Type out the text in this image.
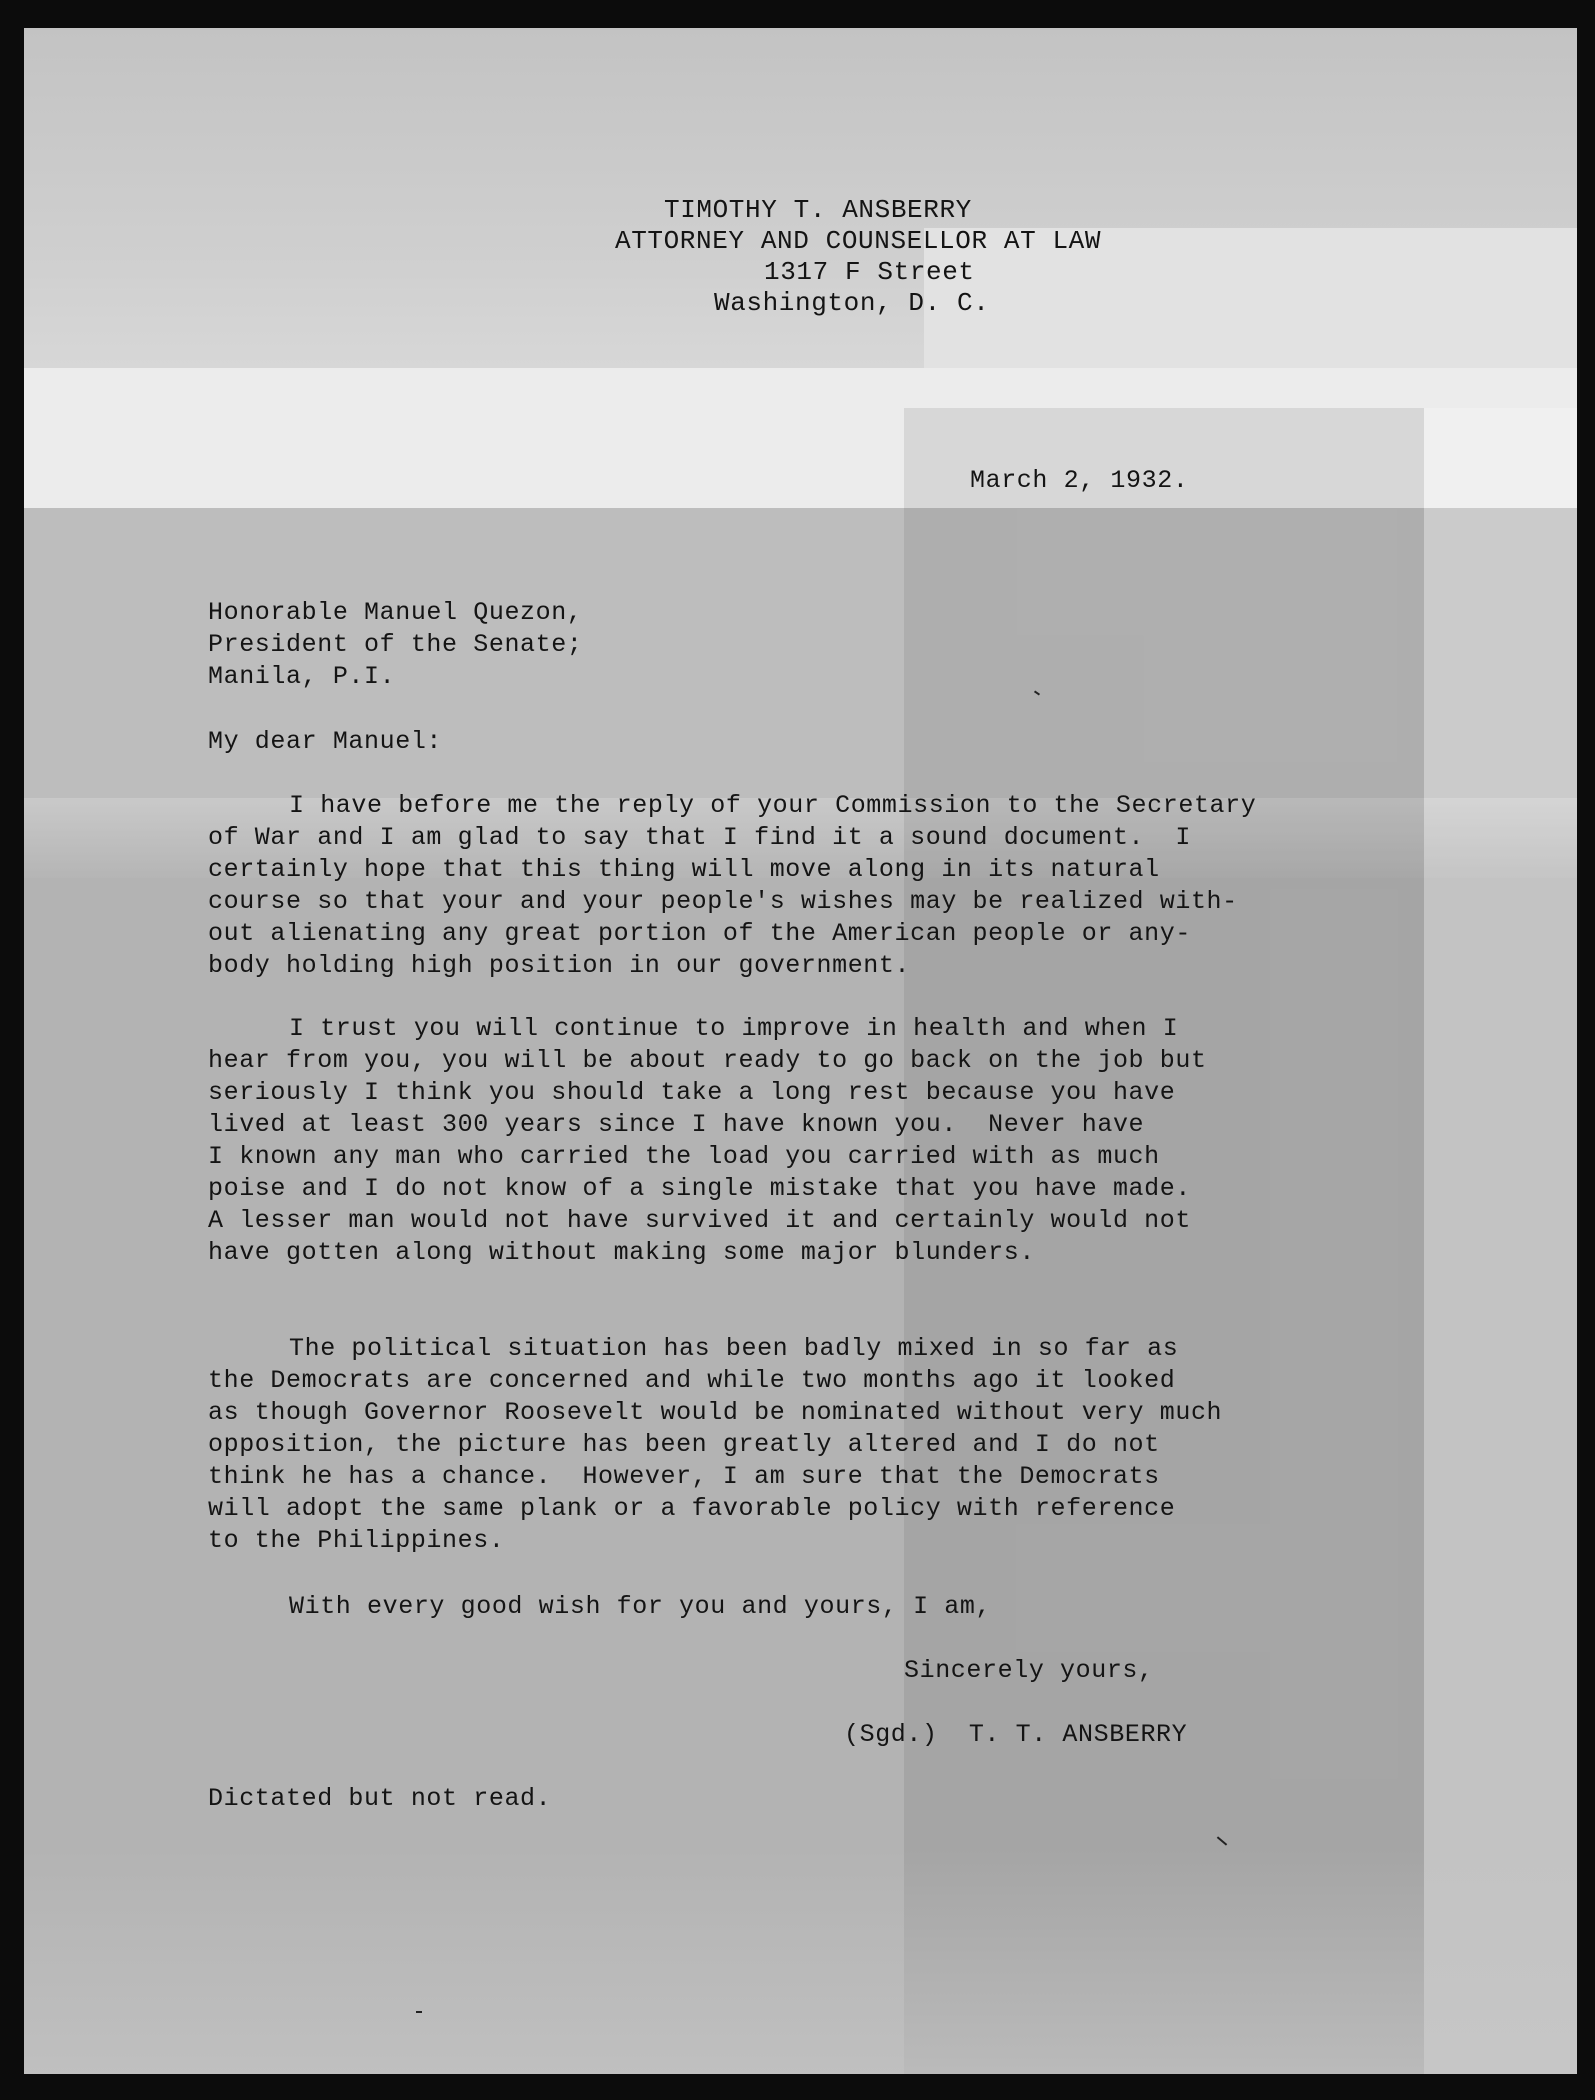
TIMOTHY T. ANSBERRY
ATTORNEY AND COUNSELLOR AT LAW
1317 F Street
Washington, D. C.
March 2, 1932.
Honorable Manuel Quezon,
President of the Senate;
Manila, P.I.
My dear Manuel:
I have before me the reply of your Commission to the Secretary
of War and I am glad to say that I find it a sound document.  I
certainly hope that this thing will move along in its natural
course so that your and your people's wishes may be realized with-
out alienating any great portion of the American people or any-
body holding high position in our government.
I trust you will continue to improve in health and when I
hear from you, you will be about ready to go back on the job but
seriously I think you should take a long rest because you have
lived at least 300 years since I have known you.  Never have
I known any man who carried the load you carried with as much
poise and I do not know of a single mistake that you have made.
A lesser man would not have survived it and certainly would not
have gotten along without making some major blunders.
The political situation has been badly mixed in so far as
the Democrats are concerned and while two months ago it looked
as though Governor Roosevelt would be nominated without very much
opposition, the picture has been greatly altered and I do not
think he has a chance.  However, I am sure that the Democrats
will adopt the same plank or a favorable policy with reference
to the Philippines.
With every good wish for you and yours, I am,
Sincerely yours,
(Sgd.)  T. T. ANSBERRY
Dictated but not read.
